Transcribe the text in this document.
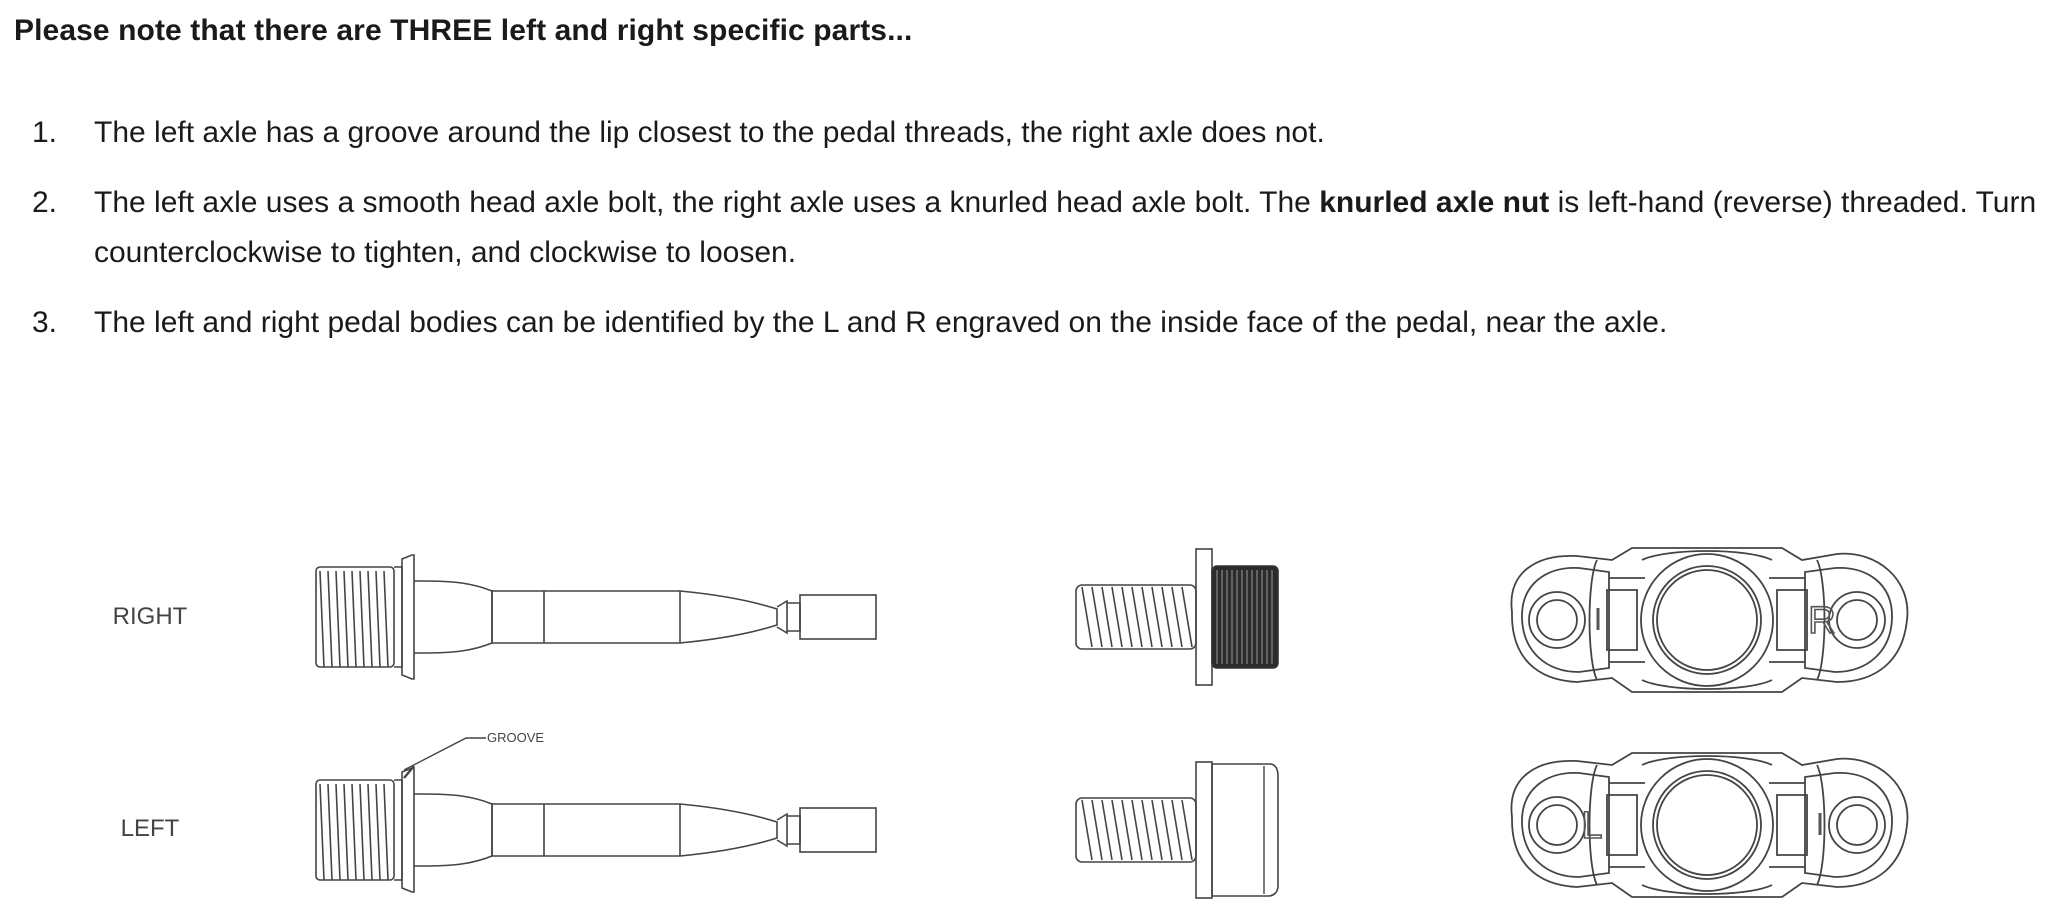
Please note that there are THREE left and right specific parts...
1. The left axle has a groove around the lip closest to the pedal threads, the right axle does not.
2. The left axle uses a smooth head axle bolt, the right axle uses a knurled head axle bolt. The knurled axle nut is left-hand (reverse) threaded. Turn counterclockwise to tighten, and clockwise to loosen.
3. The left and right pedal bodies can be identified by the L and R engraved on the inside face of the pedal, near the axle.
RIGHT
LEFT
GROOVE
R
L
